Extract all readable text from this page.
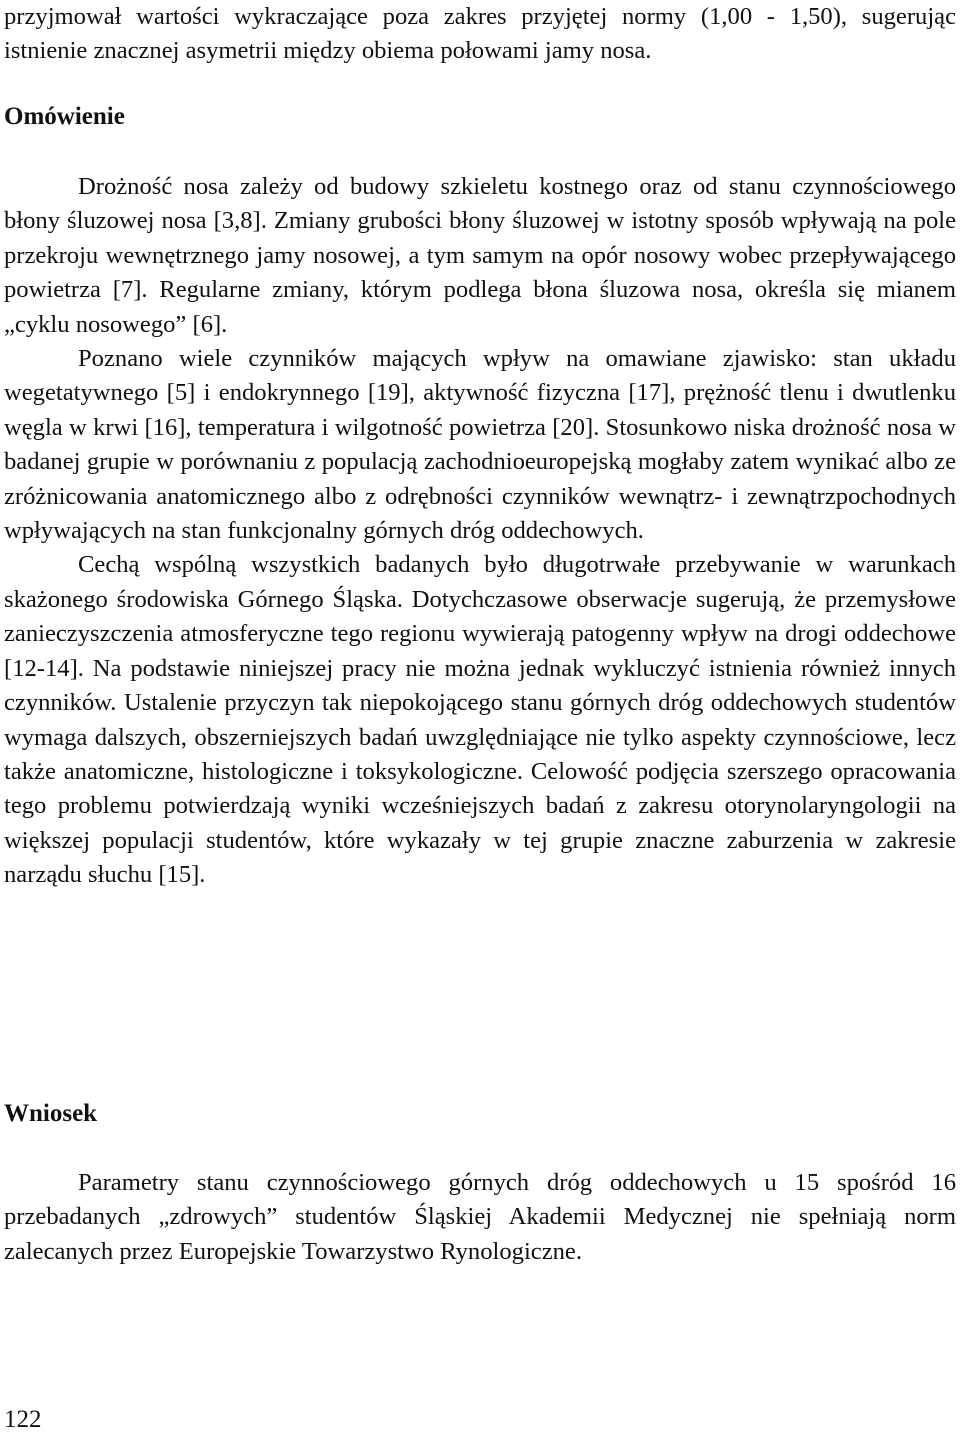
przyjmował wartości wykraczające poza zakres przyjętej normy (1,00 - 1,50), sugerując istnienie znacznej asymetrii między obiema połowami jamy nosa.

Omówienie

Drożność nosa zależy od budowy szkieletu kostnego oraz od stanu czynnościowego błony śluzowej nosa [3,8]. Zmiany grubości błony śluzowej w istotny sposób wpływają na pole przekroju wewnętrznego jamy nosowej, a tym samym na opór nosowy wobec przepływającego powietrza [7]. Regularne zmiany, którym podlega błona śluzowa nosa, określa się mianem „cyklu nosowego” [6].

Poznano wiele czynników mających wpływ na omawiane zjawisko: stan układu wegetatywnego [5] i endokrynnego [19], aktywność fizyczna [17], prężność tlenu i dwutlenku węgla w krwi [16], temperatura i wilgotność powietrza [20]. Stosunkowo niska drożność nosa w badanej grupie w porównaniu z populacją zachodnioeuropejską mogłaby zatem wynikać albo ze zróżnicowania anatomicznego albo z odrębności czynników wewnątrz- i zewnątrzpochodnych wpływających na stan funkcjonalny górnych dróg oddechowych.

Cechą wspólną wszystkich badanych było długotrwałe przebywanie w warunkach skażonego środowiska Górnego Śląska. Dotychczasowe obserwacje sugerują, że przemysłowe zanieczyszczenia atmosferyczne tego regionu wywierają patogenny wpływ na drogi oddechowe [12-14]. Na podstawie niniejszej pracy nie można jednak wykluczyć istnienia również innych czynników. Ustalenie przyczyn tak niepokojącego stanu górnych dróg oddechowych studentów wymaga dalszych, obszerniejszych badań uwzględniające nie tylko aspekty czynnościowe, lecz także anatomiczne, histologiczne i toksykologiczne. Celowość podjęcia szerszego opracowania tego problemu potwierdzają wyniki wcześniejszych badań z zakresu otorynolaryngologii na większej populacji studentów, które wykazały w tej grupie znaczne zaburzenia w zakresie narządu słuchu [15].

Wniosek

Parametry stanu czynnościowego górnych dróg oddechowych u 15 spośród 16 przebadanych „zdrowych” studentów Śląskiej Akademii Medycznej nie spełniają norm zalecanych przez Europejskie Towarzystwo Rynologiczne.

122
